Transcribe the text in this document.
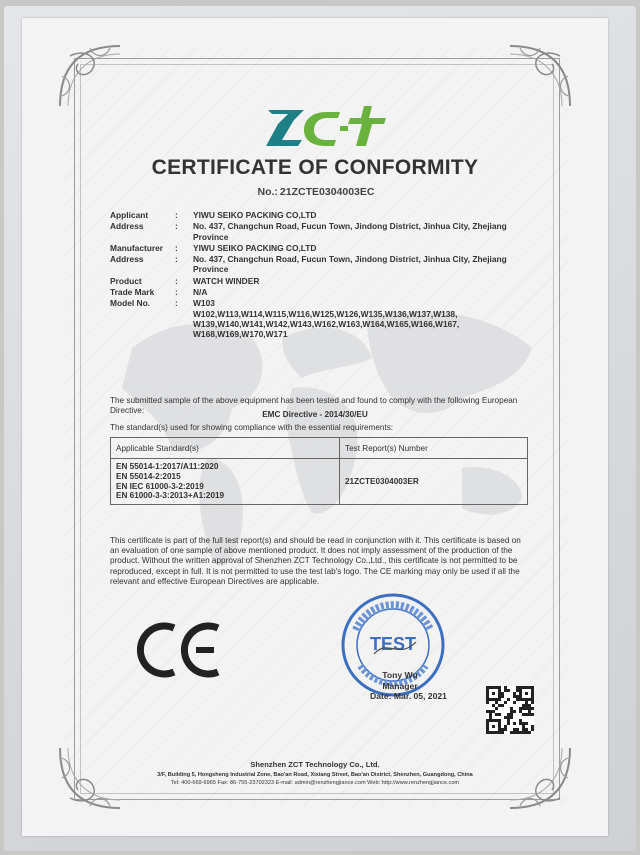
CERTIFICATE OF CONFORMITY
No.: 21ZCTE0304003EC
Applicant	:	YIWU SEIKO PACKING CO,LTD
Address	:	No. 437, Changchun Road, Fucun Town, Jindong District, Jinhua City, Zhejiang Province
Manufacturer	:	YIWU SEIKO PACKING CO,LTD
Address	:	No. 437, Changchun Road, Fucun Town, Jindong District, Jinhua City, Zhejiang Province
Product	:	WATCH WINDER
Trade Mark	:	N/A
Model No.	:	W103
W102,W113,W114,W115,W116,W125,W126,W135,W136,W137,W138,
W139,W140,W141,W142,W143,W162,W163,W164,W165,W166,W167,
W168,W169,W170,W171
The submitted sample of the above equipment has been tested and found to comply with the following European Directive:	EMC Directive - 2014/30/EU
The standard(s) used for showing compliance with the essential requirements:
Applicable Standard(s)	Test Report(s) Number
EN 55014-1:2017/A11:2020
EN 55014-2:2015
EN IEC 61000-3-2:2019
EN 61000-3-3:2013+A1:2019	21ZCTE0304003ER
This certificate is part of the full test report(s) and should be read in conjunction with it. This certificate is based on an evaluation of one sample of above mentioned product. It does not imply assessment of the production of the product. Without the written approval of Shenzhen ZCT Technology Co.,Ltd., this certificate is not permitted to be reproduced, except in full. It is not permitted to use the test lab's logo. The CE marking may only be used if all the relevant and effective European Directives are applicable.
TEST
Tony Wu
Manager
Date: Mar. 05, 2021
Shenzhen ZCT Technology Co., Ltd.
3/F, Building 5, Hongsheng Industrial Zone, Bao'an Road, Xixiang Street, Bao'an District, Shenzhen, Guangdong, China
Tel: 400-669-6965 Fax: 86-755-23702323 E-mail: admin@renzhengjiance.com Web: http://www.renzhengjiance.com
